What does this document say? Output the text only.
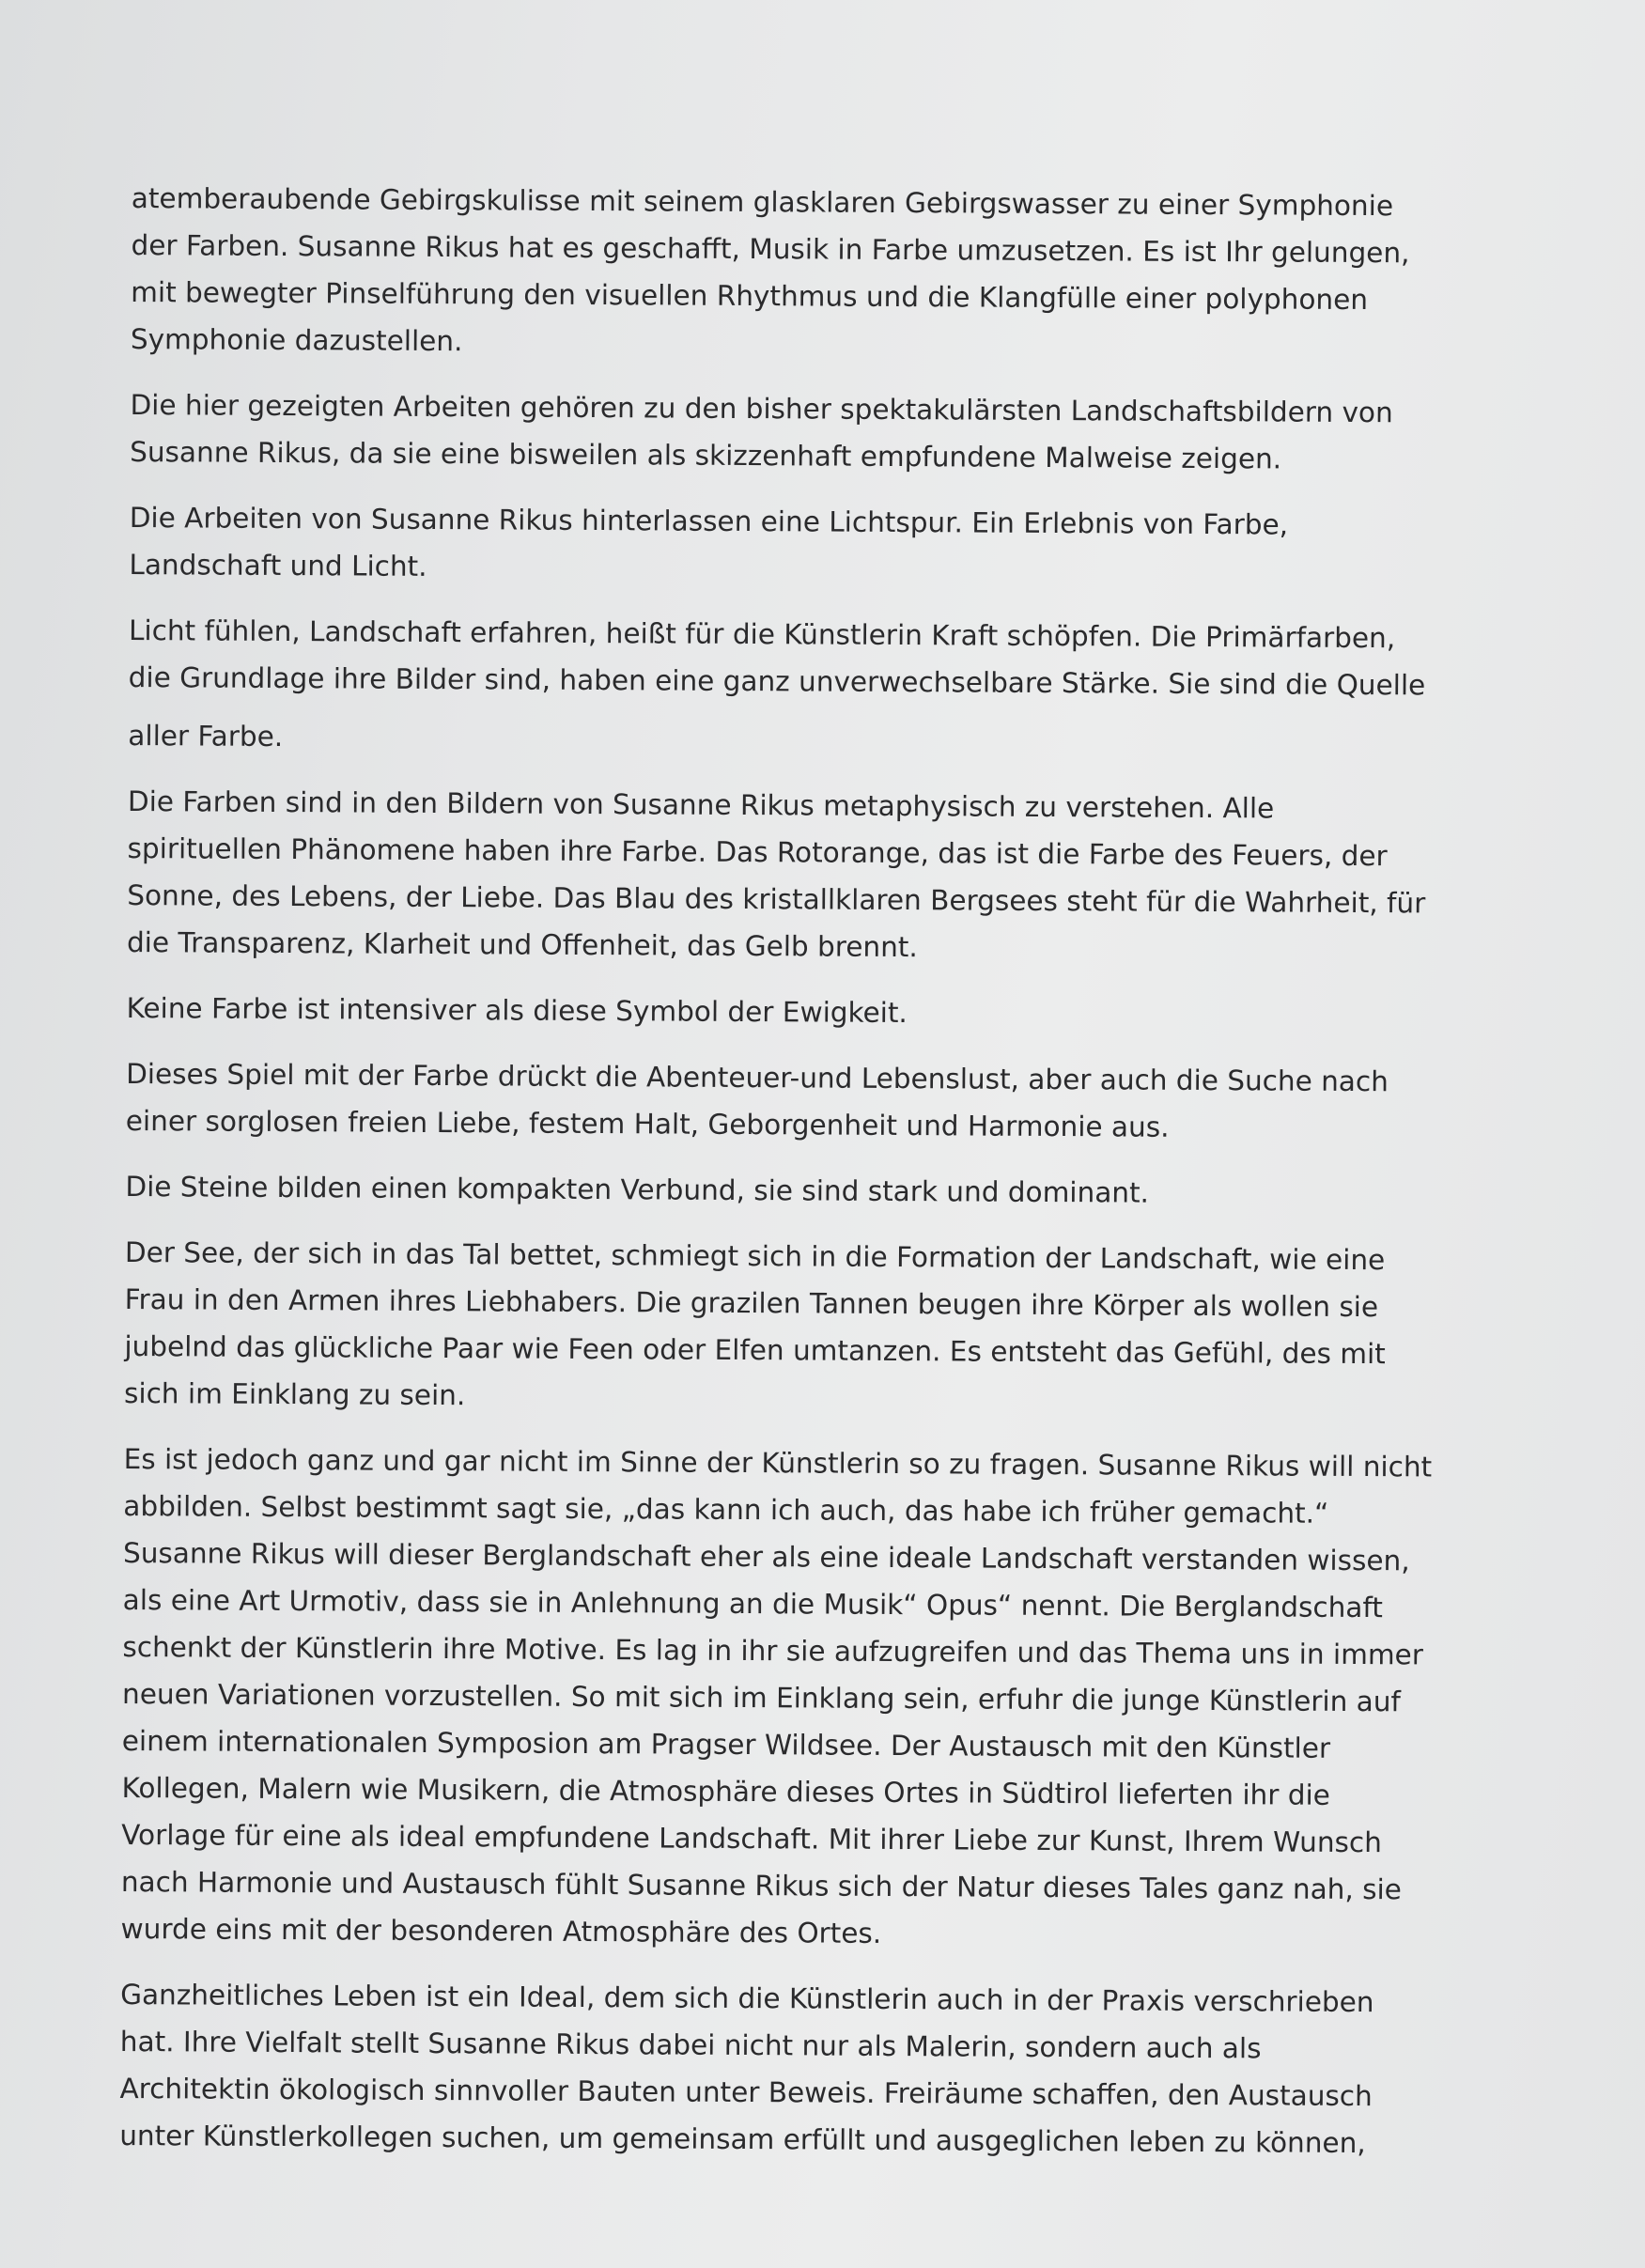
atemberaubende Gebirgskulisse mit seinem glasklaren Gebirgswasser zu einer Symphonie
der Farben. Susanne Rikus hat es geschafft, Musik in Farbe umzusetzen. Es ist Ihr gelungen,
mit bewegter Pinselführung den visuellen Rhythmus und die Klangfülle einer polyphonen
Symphonie dazustellen.
Die hier gezeigten Arbeiten gehören zu den bisher spektakulärsten Landschaftsbildern von
Susanne Rikus, da sie eine bisweilen als skizzenhaft empfundene Malweise zeigen.
Die Arbeiten von Susanne Rikus hinterlassen eine Lichtspur. Ein Erlebnis von Farbe,
Landschaft und Licht.
Licht fühlen, Landschaft erfahren, heißt für die Künstlerin Kraft schöpfen. Die Primärfarben,
die Grundlage ihre Bilder sind, haben eine ganz unverwechselbare Stärke. Sie sind die Quelle
aller Farbe.
Die Farben sind in den Bildern von Susanne Rikus metaphysisch zu verstehen. Alle
spirituellen Phänomene haben ihre Farbe. Das Rotorange, das ist die Farbe des Feuers, der
Sonne, des Lebens, der Liebe. Das Blau des kristallklaren Bergsees steht für die Wahrheit, für
die Transparenz, Klarheit und Offenheit, das Gelb brennt.
Keine Farbe ist intensiver als diese Symbol der Ewigkeit.
Dieses Spiel mit der Farbe drückt die Abenteuer-und Lebenslust, aber auch die Suche nach
einer sorglosen freien Liebe, festem Halt, Geborgenheit und Harmonie aus.
Die Steine bilden einen kompakten Verbund, sie sind stark und dominant.
Der See, der sich in das Tal bettet, schmiegt sich in die Formation der Landschaft, wie eine
Frau in den Armen ihres Liebhabers. Die grazilen Tannen beugen ihre Körper als wollen sie
jubelnd das glückliche Paar wie Feen oder Elfen umtanzen. Es entsteht das Gefühl, des mit
sich im Einklang zu sein.
Es ist jedoch ganz und gar nicht im Sinne der Künstlerin so zu fragen. Susanne Rikus will nicht
abbilden. Selbst bestimmt sagt sie, „das kann ich auch, das habe ich früher gemacht.“
Susanne Rikus will dieser Berglandschaft eher als eine ideale Landschaft verstanden wissen,
als eine Art Urmotiv, dass sie in Anlehnung an die Musik“ Opus“ nennt. Die Berglandschaft
schenkt der Künstlerin ihre Motive. Es lag in ihr sie aufzugreifen und das Thema uns in immer
neuen Variationen vorzustellen. So mit sich im Einklang sein, erfuhr die junge Künstlerin auf
einem internationalen Symposion am Pragser Wildsee. Der Austausch mit den Künstler
Kollegen, Malern wie Musikern, die Atmosphäre dieses Ortes in Südtirol lieferten ihr die
Vorlage für eine als ideal empfundene Landschaft. Mit ihrer Liebe zur Kunst, Ihrem Wunsch
nach Harmonie und Austausch fühlt Susanne Rikus sich der Natur dieses Tales ganz nah, sie
wurde eins mit der besonderen Atmosphäre des Ortes.
Ganzheitliches Leben ist ein Ideal, dem sich die Künstlerin auch in der Praxis verschrieben
hat. Ihre Vielfalt stellt Susanne Rikus dabei nicht nur als Malerin, sondern auch als
Architektin ökologisch sinnvoller Bauten unter Beweis. Freiräume schaffen, den Austausch
unter Künstlerkollegen suchen, um gemeinsam erfüllt und ausgeglichen leben zu können,
